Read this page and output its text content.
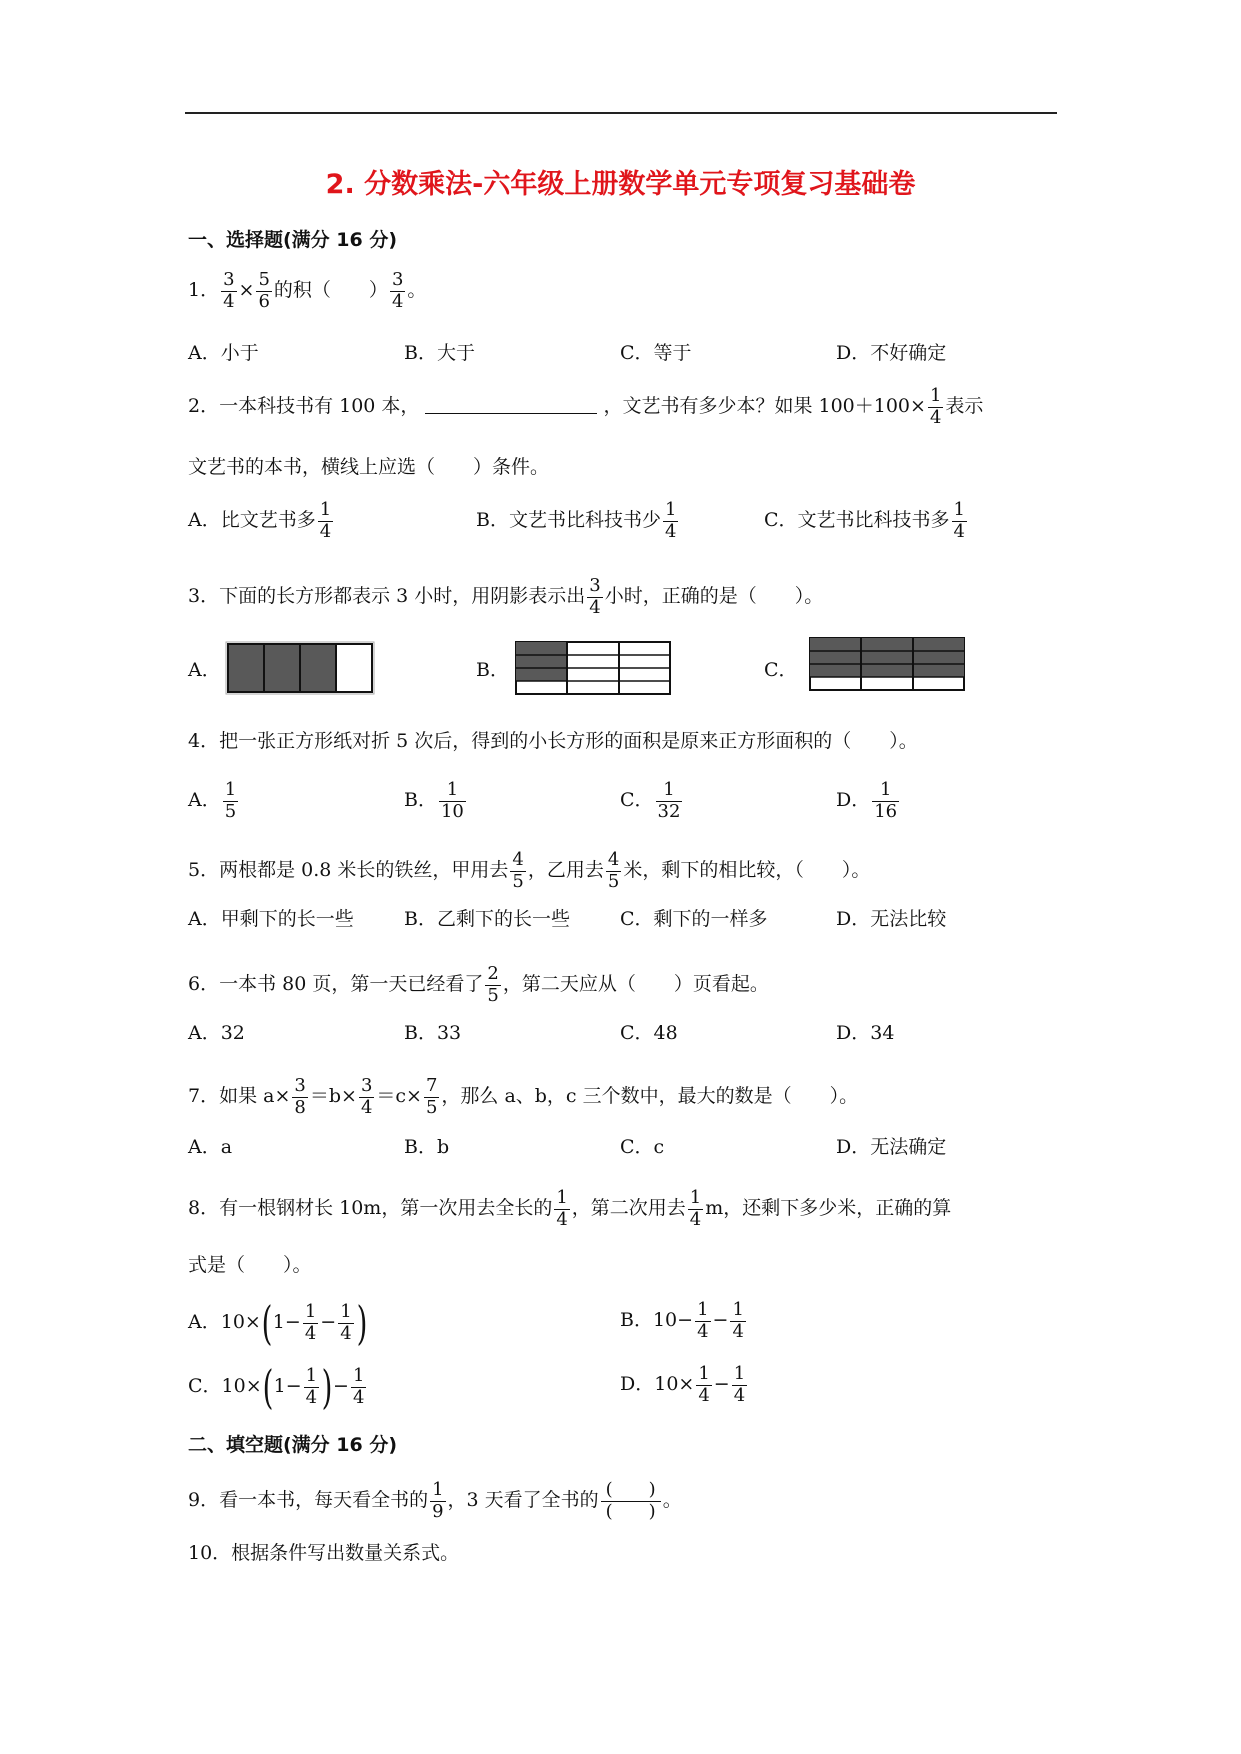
2. 分数乘法-六年级上册数学单元专项复习基础卷
一、选择题(满分 16 分)
1． $\frac{3}{4} \times \frac{5}{6}$ 的积（　　） $\frac{3}{4}$ 。
A．小于	B．大于	C．等于	D．不好确定
2．一本科技书有 100 本，	，文艺书有多少本？如果 $100+100\times \frac{1}{4}$ 表示
文艺书的本书，横线上应选（　　）条件。
A．比文艺书多 $\frac{1}{4}$	B．文艺书比科技书少 $\frac{1}{4}$	C．文艺书比科技书多 $\frac{1}{4}$
3．下面的长方形都表示 3 小时，用阴影表示出 $\frac{3}{4}$ 小时，正确的是（　　）。
A．	B．	C．
4．把一张正方形纸对折 5 次后，得到的小长方形的面积是原来正方形面积的（　　）。
A． $\frac{1}{5}$	B． $\frac{1}{10}$	C． $\frac{1}{32}$	D． $\frac{1}{16}$
5．两根都是 0.8 米长的铁丝，甲用去 $\frac{4}{5}$ ，乙用去 $\frac{4}{5}$ 米，剩下的相比较，（　　）。
A．甲剩下的长一些	B．乙剩下的长一些	C．剩下的一样多	D．无法比较
6．一本书 80 页，第一天已经看了 $\frac{2}{5}$ ，第二天应从（　　）页看起。
A．32	B．33	C．48	D．34
7．如果 $a\times \frac{3}{8} =b\times \frac{3}{4} =c\times \frac{7}{5}$ ，那么 a、b，c 三个数中，最大的数是（　　）。
A．a	B．b	C．c	D．无法确定
8．有一根钢材长 10m，第一次用去全长的 $\frac{1}{4}$ ，第二次用去 $\frac{1}{4}$ m，还剩下多少米，正确的算
式是（　　）。
A．$10\times(1- \frac{1}{4} - \frac{1}{4}$ )	B．$10- \frac{1}{4} - \frac{1}{4}$
C．$10\times(1- \frac{1}{4}$ )− $\frac{1}{4}$	D．$10\times \frac{1}{4} - \frac{1}{4}$
二、填空题(满分 16 分)
9．看一本书，每天看全书的 $\frac{1}{9}$ ，3 天看了全书的 $\frac{( )}{( )}$ 。
10．根据条件写出数量关系式。
